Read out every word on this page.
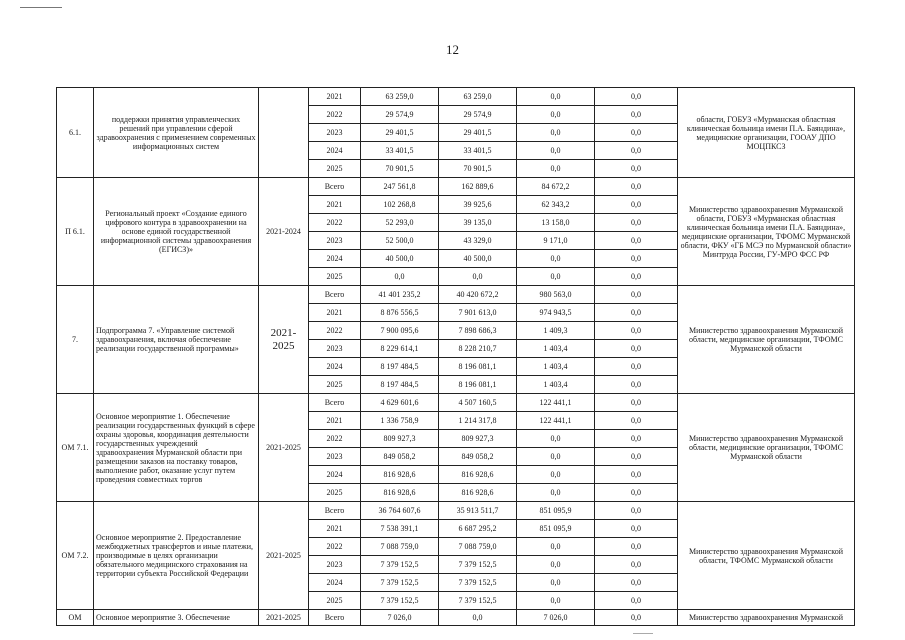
12
6.1.	поддержки принятия управленческих решений при управлении сферой здравоохранения с применением современных информационных систем		2021	63 259,0	63 259,0	0,0	0,0	области, ГОБУЗ «Мурманская областная клиническая больница имени П.А. Баяндина», медицинские организации, ГООАУ ДПО МОЦПКСЗ
			2022	29 574,9	29 574,9	0,0	0,0	
			2023	29 401,5	29 401,5	0,0	0,0	
			2024	33 401,5	33 401,5	0,0	0,0	
			2025	70 901,5	70 901,5	0,0	0,0	
П 6.1.	Региональный проект «Создание единого цифрового контура в здравоохранении на основе единой государственной информационной системы здравоохранения (ЕГИСЗ)»	2021-2024	Всего	247 561,8	162 889,6	84 672,2	0,0	Министерство здравоохранения Мурманской области, ГОБУЗ «Мурманская областная клиническая больница имени П.А. Баяндина», медицинские организации, ТФОМС Мурманской области, ФКУ «ГБ МСЭ по Мурманской области» Минтруда России, ГУ-МРО ФСС РФ
			2021	102 268,8	39 925,6	62 343,2	0,0	
			2022	52 293,0	39 135,0	13 158,0	0,0	
			2023	52 500,0	43 329,0	9 171,0	0,0	
			2024	40 500,0	40 500,0	0,0	0,0	
			2025	0,0	0,0	0,0	0,0	
7.	Подпрограмма 7. «Управление системой здравоохранения, включая обеспечение реализации государственной программы»	2021-2025	Всего	41 401 235,2	40 420 672,2	980 563,0	0,0	Министерство здравоохранения Мурманской области, медицинские организации, ТФОМС Мурманской области
			2021	8 876 556,5	7 901 613,0	974 943,5	0,0	
			2022	7 900 095,6	7 898 686,3	1 409,3	0,0	
			2023	8 229 614,1	8 228 210,7	1 403,4	0,0	
			2024	8 197 484,5	8 196 081,1	1 403,4	0,0	
			2025	8 197 484,5	8 196 081,1	1 403,4	0,0	
ОМ 7.1.	Основное мероприятие 1. Обеспечение реализации государственных функций в сфере охраны здоровья, координация деятельности государственных учреждений здравоохранения Мурманской области при размещении заказов на поставку товаров, выполнение работ, оказание услуг путем проведения совместных торгов	2021-2025	Всего	4 629 601,6	4 507 160,5	122 441,1	0,0	Министерство здравоохранения Мурманской области, медицинские организации, ТФОМС Мурманской области
			2021	1 336 758,9	1 214 317,8	122 441,1	0,0	
			2022	809 927,3	809 927,3	0,0	0,0	
			2023	849 058,2	849 058,2	0,0	0,0	
			2024	816 928,6	816 928,6	0,0	0,0	
			2025	816 928,6	816 928,6	0,0	0,0	
ОМ 7.2.	Основное мероприятие 2. Предоставление межбюджетных трансфертов и иные платежи, производимые в целях организации обязательного медицинского страхования на территории субъекта Российской Федерации	2021-2025	Всего	36 764 607,6	35 913 511,7	851 095,9	0,0	Министерство здравоохранения Мурманской области, ТФОМС Мурманской области
			2021	7 538 391,1	6 687 295,2	851 095,9	0,0	
			2022	7 088 759,0	7 088 759,0	0,0	0,0	
			2023	7 379 152,5	7 379 152,5	0,0	0,0	
			2024	7 379 152,5	7 379 152,5	0,0	0,0	
			2025	7 379 152,5	7 379 152,5	0,0	0,0	
ОМ	Основное мероприятие 3. Обеспечение	2021-2025	Всего	7 026,0	0,0	7 026,0	0,0	Министерство здравоохранения Мурманской
